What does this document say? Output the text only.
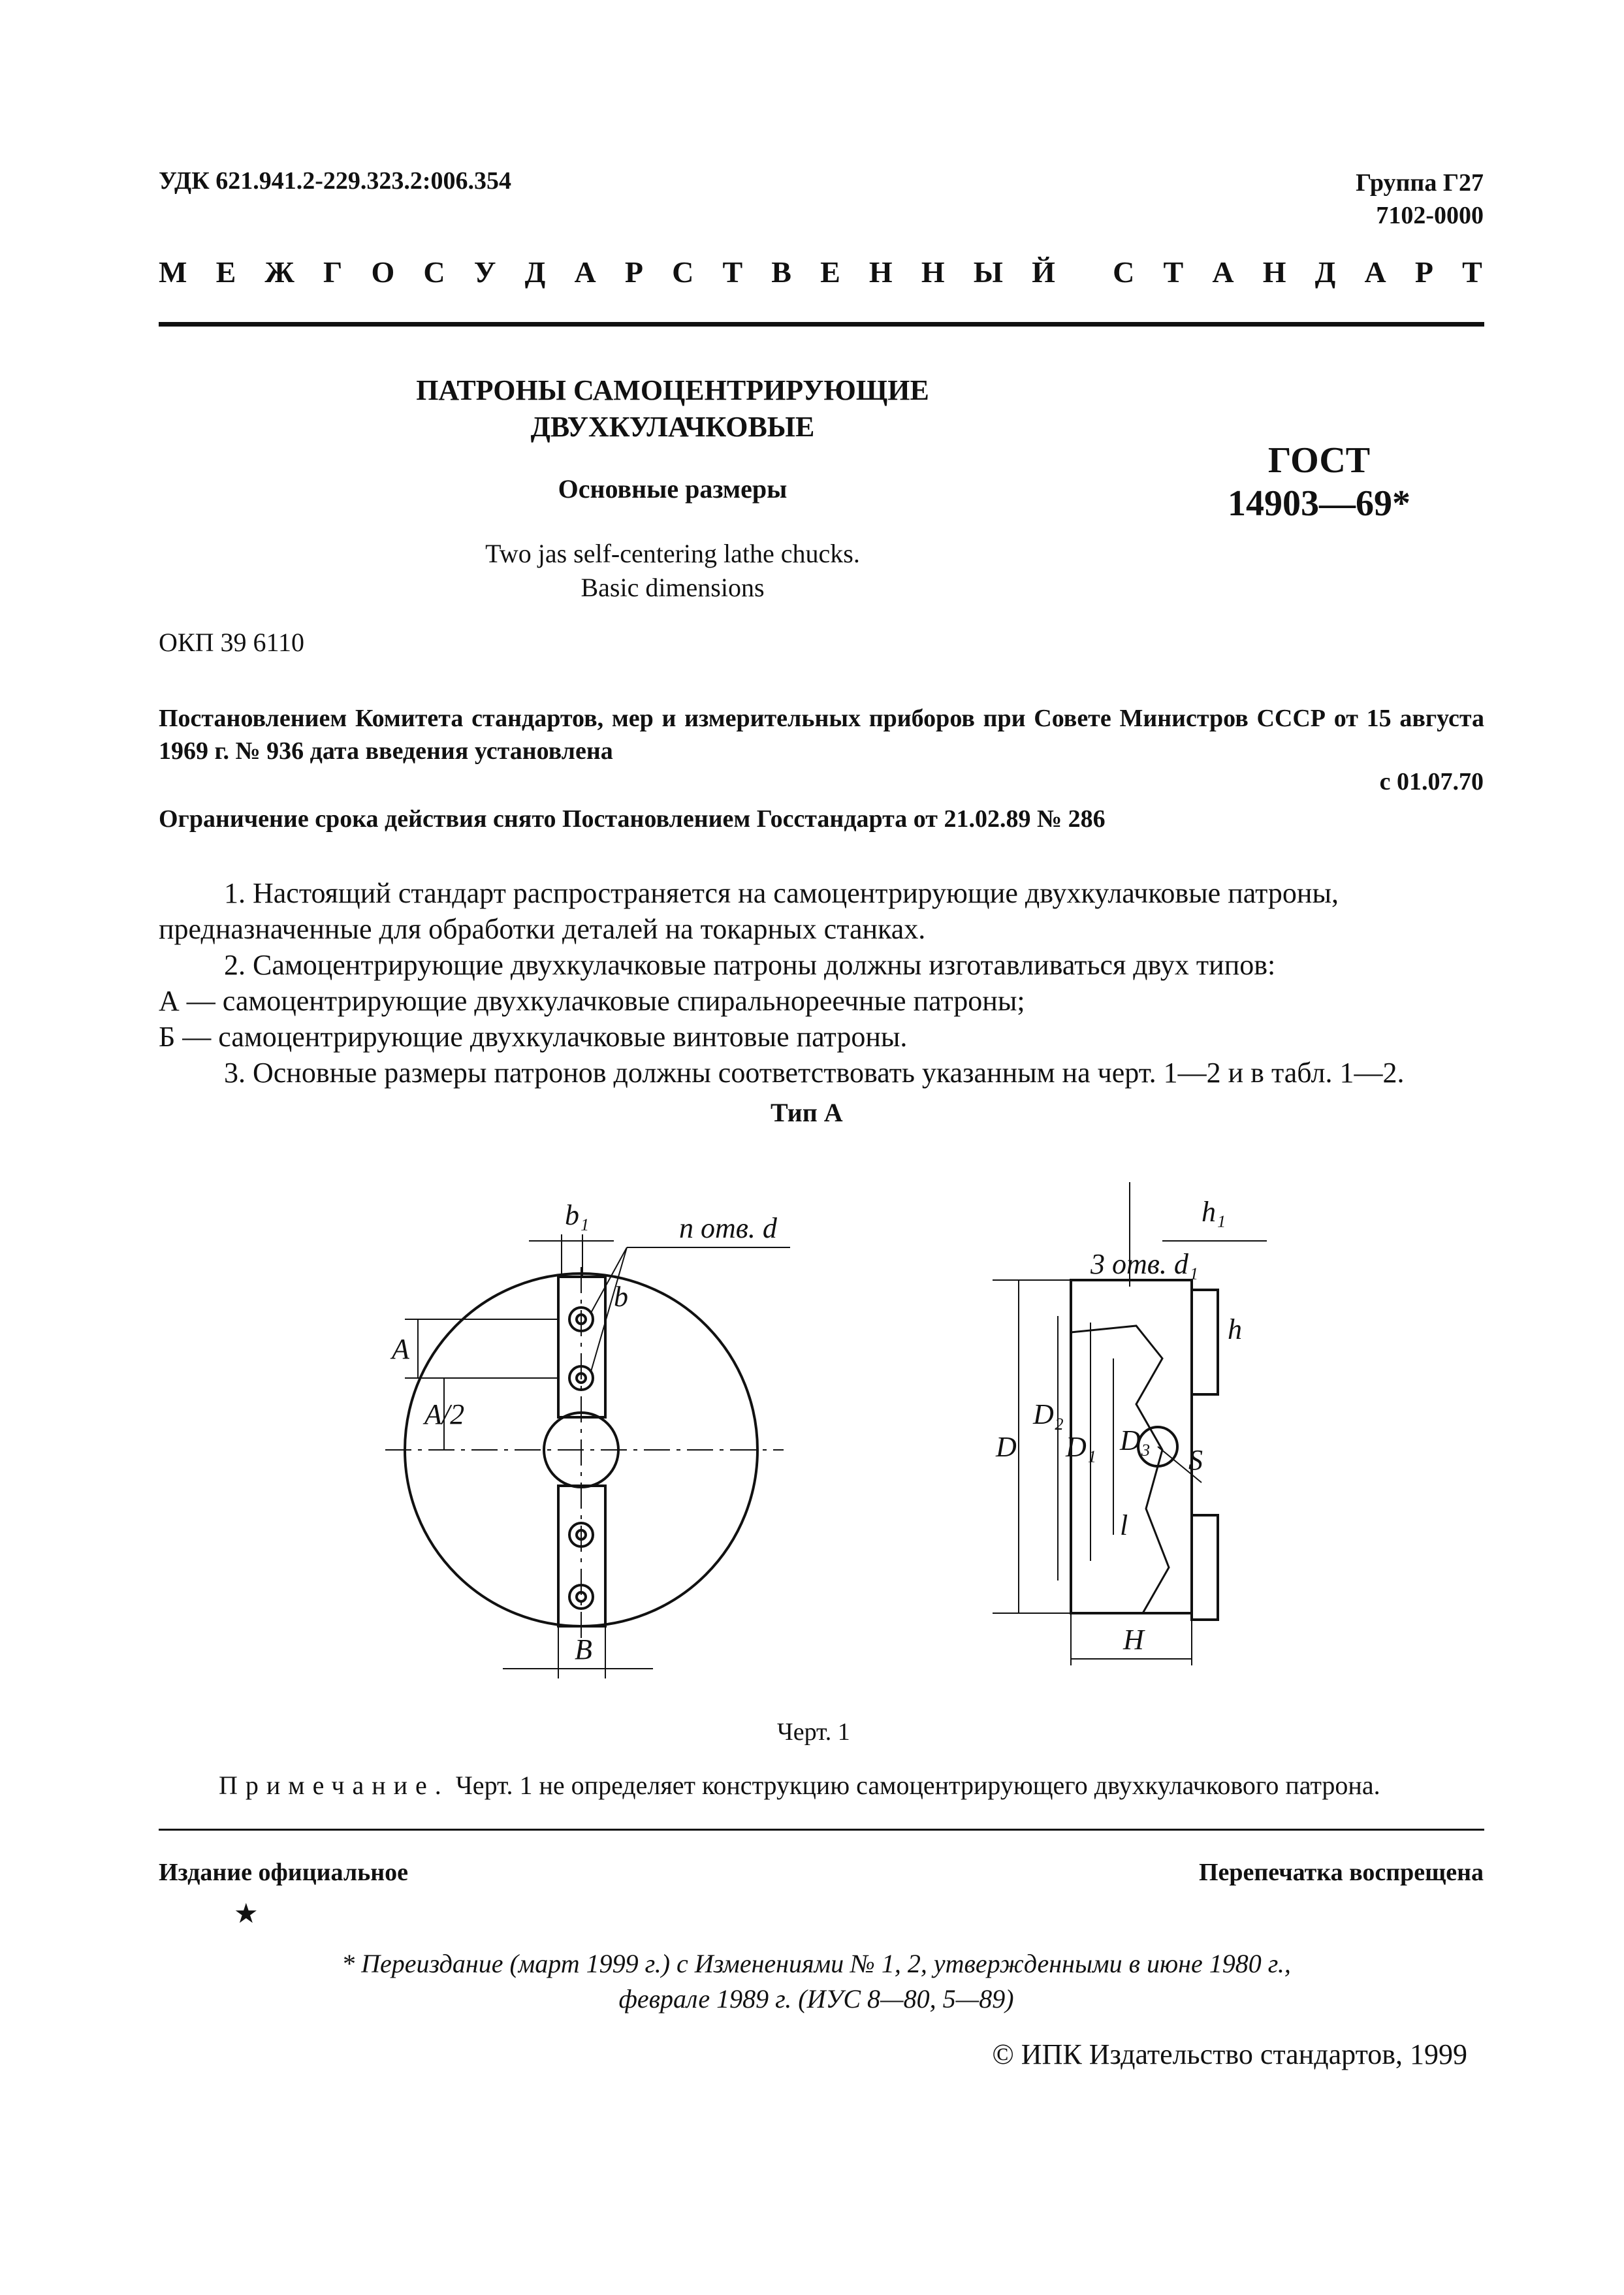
УДК 621.941.2-229.323.2:006.354	Группа Г27
7102-0000
М Е Ж Г О С У Д А Р С Т В Е Н Н Ы Й С Т А Н Д А Р Т
ПАТРОНЫ САМОЦЕНТРИРУЮЩИЕ
ДВУХКУЛАЧКОВЫЕ
Основные размеры
ГОСТ
14903—69*
Two jas self-centering lathe chucks.
Basic dimensions
ОКП 39 6110
Постановлением Комитета стандартов, мер и измерительных приборов при Совете Министров СССР от 15 августа 1969 г. № 936 дата введения установлена
с 01.07.70
Ограничение срока действия снято Постановлением Госстандарта от 21.02.89 № 286

1. Настоящий стандарт распространяется на самоцентрирующие двухкулачковые патроны, предназначенные для обработки деталей на токарных станках.

2. Самоцентрирующие двухкулачковые патроны должны изготавливаться двух типов:

А — самоцентрирующие двухкулачковые спиральнореечные патроны;

Б — самоцентрирующие двухкулачковые винтовые патроны.

3. Основные размеры патронов должны соответствовать указанным на черт. 1—2 и в табл. 1—2.

Тип А
b₁	n отв. d
b
A
A/2
B
3 отв. d₁
h₁
h
D
D₂
D₁ D₃
l
S
H
Черт. 1
Примечание. Черт. 1 не определяет конструкцию самоцентрирующего двухкулачкового патрона.
Издание официальное
★
Перепечатка воспрещена
* Переиздание (март 1999 г.) с Изменениями № 1, 2, утвержденными в июне 1980 г.,
феврале 1989 г. (ИУС 8—80, 5—89)
© ИПК Издательство стандартов, 1999
